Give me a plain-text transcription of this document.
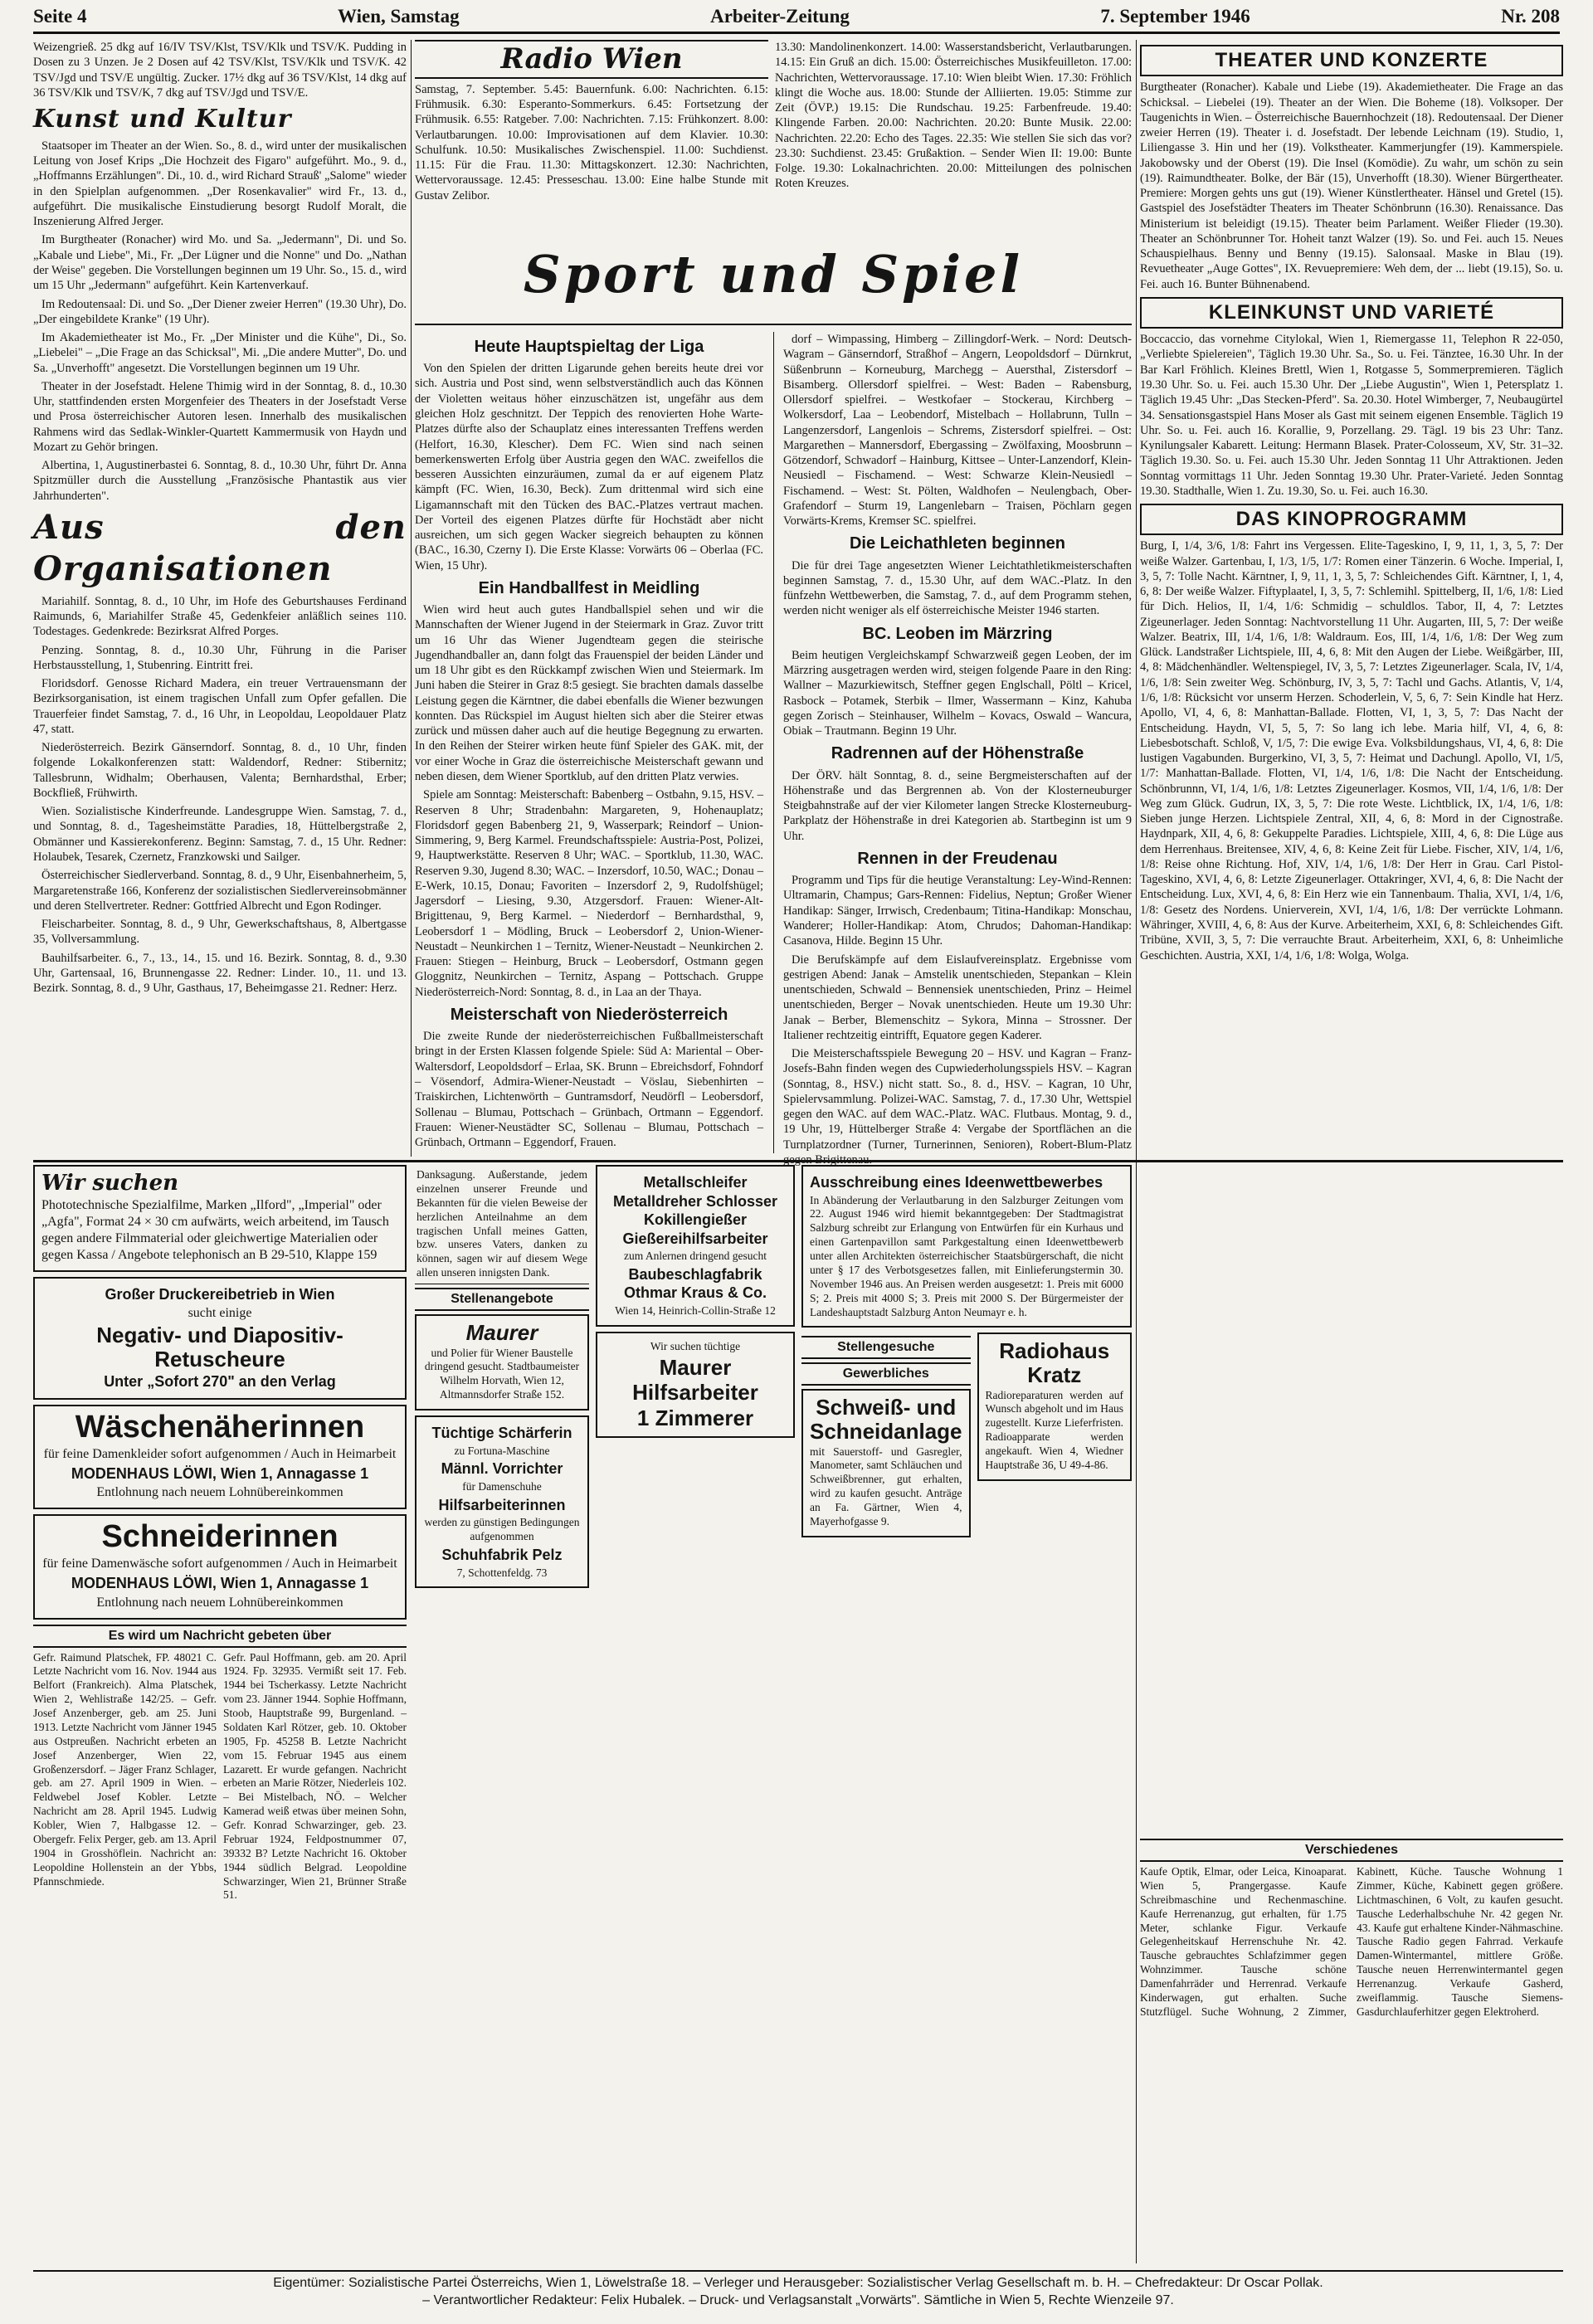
Seite 4	Wien, Samstag	Arbeiter-Zeitung	7. September 1946	Nr. 208

Weizengrieß. 25 dkg auf 16/IV TSV/Klst, TSV/Klk und TSV/K. Pudding in Dosen zu 3 Unzen. Je 2 Dosen auf 42 TSV/Klst, TSV/Klk und TSV/K. 42 TSV/Jgd und TSV/E ungültig. Zucker. 17½ dkg auf 36 TSV/Klst, 14 dkg auf 36 TSV/Klk und TSV/K, 7 dkg auf TSV/Jgd und TSV/E.

Kunst und Kultur

Staatsoper im Theater an der Wien. So., 8. d., wird unter der musikalischen Leitung von Josef Krips „Die Hochzeit des Figaro" aufgeführt. Mo., 9. d., „Hoffmanns Erzählungen". Di., 10. d., wird Richard Strauß' „Salome" wieder in den Spielplan aufgenommen. „Der Rosenkavalier" wird Fr., 13. d., aufgeführt. Die musikalische Einstudierung besorgt Rudolf Moralt, die Inszenierung Alfred Jerger.

Im Burgtheater (Ronacher) wird Mo. und Sa. „Jedermann", Di. und So. „Kabale und Liebe", Mi., Fr. „Der Lügner und die Nonne" und Do. „Nathan der Weise" gegeben. Die Vorstellungen beginnen um 19 Uhr. So., 15. d., wird um 15 Uhr „Jedermann" aufgeführt. Kein Kartenverkauf.

Im Redoutensaal: Di. und So. „Der Diener zweier Herren" (19.30 Uhr), Do. „Der eingebildete Kranke" (19 Uhr).

Im Akademietheater ist Mo., Fr. „Der Minister und die Kühe", Di., So. „Liebelei" – „Die Frage an das Schicksal", Mi. „Die andere Mutter", Do. und Sa. „Unverhofft" angesetzt. Die Vorstellungen beginnen um 19 Uhr.

Theater in der Josefstadt. Helene Thimig wird in der Sonntag, 8. d., 10.30 Uhr, stattfindenden ersten Morgenfeier des Theaters in der Josefstadt Verse und Prosa österreichischer Autoren lesen. Innerhalb des musikalischen Rahmens wird das Sedlak-Winkler-Quartett Kammermusik von Haydn und Mozart zu Gehör bringen.

Albertina, 1, Augustinerbastei 6. Sonntag, 8. d., 10.30 Uhr, führt Dr. Anna Spitzmüller durch die Ausstellung „Französische Phantastik aus vier Jahrhunderten".

Aus den Organisationen

Mariahilf. Sonntag, 8. d., 10 Uhr, im Hofe des Geburtshauses Ferdinand Raimunds, 6, Mariahilfer Straße 45, Gedenkfeier anläßlich seines 110. Todestages. Gedenkrede: Bezirksrat Alfred Porges.

Penzing. Sonntag, 8. d., 10.30 Uhr, Führung in die Pariser Herbstausstellung, 1, Stubenring. Eintritt frei.

Floridsdorf. Genosse Richard Madera, ein treuer Vertrauensmann der Bezirksorganisation, ist einem tragischen Unfall zum Opfer gefallen. Die Trauerfeier findet Samstag, 7. d., 16 Uhr, in Leopoldau, Leopoldauer Platz 47, statt.

Niederösterreich. Bezirk Gänserndorf. Sonntag, 8. d., 10 Uhr, finden folgende Lokalkonferenzen statt: Waldendorf, Redner: Stibernitz; Tallesbrunn, Widhalm; Oberhausen, Valenta; Bernhardsthal, Erber; Bockfließ, Frühwirth.

Wien. Sozialistische Kinderfreunde. Landesgruppe Wien. Samstag, 7. d., und Sonntag, 8. d., Tagesheimstätte Paradies, 18, Hüttelbergstraße 2, Obmänner und Kassierekonferenz. Beginn: Samstag, 7. d., 15 Uhr. Redner: Holaubek, Tesarek, Czernetz, Franzkowski und Sailger.

Österreichischer Siedlerverband. Sonntag, 8. d., 9 Uhr, Eisenbahnerheim, 5, Margaretenstraße 166, Konferenz der sozialistischen Siedlervereinsobmänner und deren Stellvertreter. Redner: Gottfried Albrecht und Egon Rodinger.

Fleischarbeiter. Sonntag, 8. d., 9 Uhr, Gewerkschaftshaus, 8, Albertgasse 35, Vollversammlung.

Bauhilfsarbeiter. 6., 7., 13., 14., 15. und 16. Bezirk. Sonntag, 8. d., 9.30 Uhr, Gartensaal, 16, Brunnengasse 22. Redner: Linder. 10., 11. und 13. Bezirk. Sonntag, 8. d., 9 Uhr, Gasthaus, 17, Beheimgasse 21. Redner: Herz.

Radio Wien

Samstag, 7. September. 5.45: Bauernfunk. 6.00: Nachrichten. 6.15: Frühmusik. 6.30: Esperanto-Sommerkurs. 6.45: Fortsetzung der Frühmusik. 6.55: Ratgeber. 7.00: Nachrichten. 7.15: Frühkonzert. 8.00: Verlautbarungen. 10.00: Improvisationen auf dem Klavier. 10.30: Schulfunk. 10.50: Musikalisches Zwischenspiel. 11.00: Suchdienst. 11.15: Für die Frau. 11.30: Mittagskonzert. 12.30: Nachrichten, Wettervoraussage. 12.45: Presseschau. 13.00: Eine halbe Stunde mit Gustav Zelibor.

13.30: Mandolinenkonzert. 14.00: Wasserstandsbericht, Verlautbarungen. 14.15: Ein Gruß an dich. 15.00: Österreichisches Musikfeuilleton. 17.00: Nachrichten, Wettervoraussage. 17.10: Wien bleibt Wien. 17.30: Fröhlich klingt die Woche aus. 18.00: Stunde der Alliierten. 19.05: Stimme zur Zeit (ÖVP.) 19.15: Die Rundschau. 19.25: Farbenfreude. 19.40: Klingende Farben. 20.00: Nachrichten. 20.20: Bunte Musik. 22.00: Nachrichten. 22.20: Echo des Tages. 22.35: Wie stellen Sie sich das vor? 23.30: Suchdienst. 23.45: Grußaktion. – Sender Wien II: 19.00: Bunte Folge. 19.30: Lokalnachrichten. 20.00: Mitteilungen des polnischen Roten Kreuzes.

Sport und Spiel
Heute Hauptspieltag der Liga

Von den Spielen der dritten Ligarunde gehen bereits heute drei vor sich. Austria und Post sind, wenn selbstverständlich auch das Können der Violetten weitaus höher einzuschätzen ist, ungefähr aus dem gleichen Holz geschnitzt. Der Teppich des renovierten Hohe Warte-Platzes dürfte also der Schauplatz eines interessanten Treffens werden (Helfort, 16.30, Klescher). Dem FC. Wien sind nach seinen bemerkenswerten Erfolg über Austria gegen den WAC. zweifellos die besseren Aussichten einzuräumen, zumal da er auf eigenem Platz kämpft (FC. Wien, 16.30, Beck). Zum drittenmal wird sich eine Ligamannschaft mit den Tücken des BAC.-Platzes vertraut machen. Der Vorteil des eigenen Platzes dürfte für Hochstädt aber nicht ausreichen, um sich gegen Wacker siegreich behaupten zu können (BAC., 16.30, Czerny I). Die Erste Klasse: Vorwärts 06 – Oberlaa (FC. Wien, 15 Uhr).

Ein Handballfest in Meidling

Wien wird heut auch gutes Handballspiel sehen und wir die Mannschaften der Wiener Jugend in der Steiermark in Graz. Zuvor tritt um 16 Uhr das Wiener Jugendteam gegen die steirische Jugendhandballer an, dann folgt das Frauenspiel der beiden Länder und um 18 Uhr gibt es den Rückkampf zwischen Wien und Steiermark. Im Juni haben die Steirer in Graz 8:5 gesiegt. Sie brachten damals dasselbe Leistung gegen die Kärntner, die dabei ebenfalls die Wiener bezwungen konnten. Das Rückspiel im August hielten sich aber die Steirer etwas zurück und müssen daher auch auf die heutige Begegnung zu erwarten. In den Reihen der Steirer wirken heute fünf Spieler des GAK. mit, der vor einer Woche in Graz die österreichische Meisterschaft gewann und neben diesen, dem Wiener Sportklub, auf den dritten Platz verwies.

Spiele am Sonntag: Meisterschaft: Babenberg – Ostbahn, 9.15, HSV. – Reserven 8 Uhr; Stradenbahn: Margareten, 9, Hohenauplatz; Floridsdorf gegen Babenberg 21, 9, Wasserpark; Reindorf – Union-Simmering, 9, Berg Karmel. Freundschaftsspiele: Austria-Post, Polizei, 9, Hauptwerkstätte. Reserven 8 Uhr; WAC. – Sportklub, 11.30, WAC. Reserven 9.30, Jugend 8.30; WAC. – Inzersdorf, 10.50, WAC.; Donau – E-Werk, 10.15, Donau; Favoriten – Inzersdorf 2, 9, Rudolfshügel; Jagersdorf – Liesing, 9.30, Atzgersdorf. Frauen: Wiener-Alt-Brigittenau, 9, Berg Karmel. – Niederdorf – Bernhardsthal, 9, Leobersdorf 1 – Mödling, Bruck – Leobersdorf 2, Union-Wiener-Neustadt – Neunkirchen 1 – Ternitz, Wiener-Neustadt – Neunkirchen 2. Frauen: Stiegen – Heinburg, Bruck – Leobersdorf, Ostmann gegen Gloggnitz, Neunkirchen – Ternitz, Aspang – Pottschach. Gruppe Niederösterreich-Nord: Sonntag, 8. d., in Laa an der Thaya.

Meisterschaft von Niederösterreich

Die zweite Runde der niederösterreichischen Fußballmeisterschaft bringt in der Ersten Klassen folgende Spiele: Süd A: Mariental – Ober-Waltersdorf, Leopoldsdorf – Erlaa, SK. Brunn – Ebreichsdorf, Fohndorf – Vösendorf, Admira-Wiener-Neustadt – Vöslau, Siebenhirten – Traiskirchen, Lichtenwörth – Guntramsdorf, Neudörfl – Leobersdorf, Sollenau – Blumau, Pottschach – Grünbach, Ortmann – Eggendorf. Frauen: Wiener-Neustädter SC, Sollenau – Blumau, Pottschach – Grünbach, Ortmann – Eggendorf, Frauen.

dorf – Wimpassing, Himberg – Zillingdorf-Werk. – Nord: Deutsch-Wagram – Gänserndorf, Straßhof – Angern, Leopoldsdorf – Dürnkrut, Süßenbrunn – Korneuburg, Marchegg – Auersthal, Zistersdorf – Bisamberg. Ollersdorf spielfrei. – West: Baden – Rabensburg, Ollersdorf spielfrei. – Westkofaer – Stockerau, Kirchberg – Wolkersdorf, Laa – Leobendorf, Mistelbach – Hollabrunn, Tulln – Langenzersdorf, Langenlois – Schrems, Zistersdorf spielfrei. – Ost: Margarethen – Mannersdorf, Ebergassing – Zwölfaxing, Moosbrunn – Götzendorf, Schwadorf – Hainburg, Kittsee – Unter-Lanzendorf, Klein-Neusiedl – Fischamend. – West: Schwarze Klein-Neusiedl – Fischamend. – West: St. Pölten, Waldhofen – Neulengbach, Ober-Grafendorf – Sturm 19, Langenlebarn – Traisen, Pöchlarn gegen Vorwärts-Krems, Kremser SC. spielfrei.

Die Leichathleten beginnen

Die für drei Tage angesetzten Wiener Leichtathletikmeisterschaften beginnen Samstag, 7. d., 15.30 Uhr, auf dem WAC.-Platz. In den fünfzehn Wettbewerben, die Samstag, 7. d., auf dem Programm stehen, werden nicht weniger als elf österreichische Meister 1946 starten.

BC. Leoben im Märzring

Beim heutigen Vergleichskampf Schwarzweiß gegen Leoben, der im Märzring ausgetragen werden wird, steigen folgende Paare in den Ring: Wallner – Mazurkiewitsch, Steffner gegen Englschall, Pöltl – Kricel, Rasbock – Potamek, Sterbik – Ilmer, Wassermann – Kinz, Kahuba gegen Zorisch – Steinhauser, Wilhelm – Kovacs, Oswald – Wancura, Obiak – Trautmann. Beginn 19 Uhr.

Radrennen auf der Höhenstraße

Der ÖRV. hält Sonntag, 8. d., seine Bergmeisterschaften auf der Höhenstraße und das Bergrennen ab. Von der Klosterneuburger Steigbahnstraße auf der vier Kilometer langen Strecke Klosterneuburg-Parkplatz der Höhenstraße in drei Kategorien ab. Startbeginn ist um 9 Uhr.

Rennen in der Freudenau

Programm und Tips für die heutige Veranstaltung: Ley-Wind-Rennen: Ultramarin, Champus; Gars-Rennen: Fidelius, Neptun; Großer Wiener Handikap: Sänger, Irrwisch, Credenbaum; Titina-Handikap: Monschau, Wanderer; Holler-Handikap: Atom, Chrudos; Dahoman-Handikap: Casanova, Hilde. Beginn 15 Uhr.

Die Berufskämpfe auf dem Eislaufvereinsplatz. Ergebnisse vom gestrigen Abend: Janak – Amstelik unentschieden, Stepankan – Klein unentschieden, Schwald – Bennensiek unentschieden, Prinz – Heimel unentschieden, Berger – Novak unentschieden. Heute um 19.30 Uhr: Janak – Berber, Blemenschitz – Sykora, Minna – Strossner. Der Italiener rechtzeitig eintrifft, Equatore gegen Kaderer.

Die Meisterschaftsspiele Bewegung 20 – HSV. und Kagran – Franz-Josefs-Bahn finden wegen des Cupwiederholungsspiels HSV. – Kagran (Sonntag, 8., HSV.) nicht statt. So., 8. d., HSV. – Kagran, 10 Uhr, Spielervsammlung. Polizei-WAC. Samstag, 7. d., 17.30 Uhr, Wettspiel gegen den WAC. auf dem WAC.-Platz. WAC. Flutbaus. Montag, 9. d., 19 Uhr, 19, Hüttelberger Straße 4: Vergabe der Sportflächen an die Turnplatzordner (Turner, Turnerinnen, Senioren), Robert-Blum-Platz gegen Brigittenau.

THEATER UND KONZERTE

Burgtheater (Ronacher). Kabale und Liebe (19). Akademietheater. Die Frage an das Schicksal. – Liebelei (19). Theater an der Wien. Die Boheme (18). Volksoper. Der Taugenichts in Wien. – Österreichische Bauernhochzeit (18). Redoutensaal. Der Diener zweier Herren (19). Theater i. d. Josefstadt. Der lebende Leichnam (19). Studio, 1, Liliengasse 3. Hin und her (19). Volkstheater. Kammerjungfer (19). Kammerspiele. Jakobowsky und der Oberst (19). Die Insel (Komödie). Zu wahr, um schön zu sein (19). Raimundtheater. Bolke, der Bär (15), Unverhofft (18.30). Wiener Bürgertheater. Premiere: Morgen gehts uns gut (19). Wiener Künstlertheater. Hänsel und Gretel (15). Gastspiel des Josefstädter Theaters im Theater Schönbrunn (16.30). Renaissance. Das Ministerium ist beleidigt (19.15). Theater beim Parlament. Weißer Flieder (19.30). Theater an Schönbrunner Tor. Hoheit tanzt Walzer (19). So. und Fei. auch 15. Neues Schauspielhaus. Benny und Benny (19.15). Salonsaal. Maske in Blau (19). Revuetheater „Auge Gottes", IX. Revuepremiere: Weh dem, der ... liebt (19.15), So. u. Fei. auch 16. Bunter Bühnenabend.

KLEINKUNST UND VARIETÉ

Boccaccio, das vornehme Citylokal, Wien 1, Riemergasse 11, Telephon R 22-050, „Verliebte Spielereien", Täglich 19.30 Uhr. Sa., So. u. Fei. Tänztee, 16.30 Uhr. In der Bar Karl Fröhlich. Kleines Brettl, Wien 1, Rotgasse 5, Sommerpremieren. Täglich 19.30 Uhr. So. u. Fei. auch 15.30 Uhr. Der „Liebe Augustin", Wien 1, Petersplatz 1. Täglich 19.45 Uhr: „Das Stecken-Pferd". Sa. 20.30. Hotel Wimberger, 7, Neubaugürtel 34. Sensationsgastspiel Hans Moser als Gast mit seinem eigenen Ensemble. Täglich 19 Uhr. So. u. Fei. auch 16. Korallie, 9, Porzellang. 29. Tägl. 19 bis 23 Uhr: Tanz. Kynilungsaler Kabarett. Leitung: Hermann Blasek. Prater-Colosseum, XV, Str. 31–32. Täglich 19.30. So. u. Fei. auch 15.30 Uhr. Jeden Sonntag 11 Uhr Attraktionen. Jeden Sonntag vormittags 11 Uhr. Jeden Sonntag 19.30 Uhr. Prater-Varieté. Jeden Sonntag 19.30. Stadthalle, Wien 1. Zu. 19.30, So. u. Fei. auch 16.30.

DAS KINOPROGRAMM

Burg, I, 1/4, 3/6, 1/8: Fahrt ins Vergessen. Elite-Tageskino, I, 9, 11, 1, 3, 5, 7: Der weiße Walzer. Gartenbau, I, 1/3, 1/5, 1/7: Romen einer Tänzerin. 6 Woche. Imperial, I, 3, 5, 7: Tolle Nacht. Kärntner, I, 9, 11, 1, 3, 5, 7: Schleichendes Gift. Kärntner, I, 1, 4, 6, 8: Der weiße Walzer. Fiftyplaatel, I, 3, 5, 7: Schlemihl. Spittelberg, II, 1/6, 1/8: Lied für Dich. Helios, II, 1/4, 1/6: Schmidig – schuldlos. Tabor, II, 4, 7: Letztes Zigeunerlager. Jeden Sonntag: Nachtvorstellung 11 Uhr. Augarten, III, 5, 7: Der weiße Walzer. Beatrix, III, 1/4, 1/6, 1/8: Waldraum. Eos, III, 1/4, 1/6, 1/8: Der Weg zum Glück. Landstraßer Lichtspiele, III, 4, 6, 8: Mit den Augen der Liebe. Weißgärber, III, 4, 8: Mädchenhändler. Weltenspiegel, IV, 3, 5, 7: Letztes Zigeunerlager. Scala, IV, 1/4, 1/6, 1/8: Sein zweiter Weg. Schönburg, IV, 3, 5, 7: Tachl und Gachs. Atlantis, V, 1/4, 1/6, 1/8: Rücksicht vor unserm Herzen. Schoderlein, V, 5, 6, 7: Sein Kindle hat Herz. Apollo, VI, 4, 6, 8: Manhattan-Ballade. Flotten, VI, 1, 3, 5, 7: Das Nacht der Entscheidung. Haydn, VI, 5, 5, 7: So lang ich lebe. Maria hilf, VI, 4, 6, 8: Liebesbotschaft. Schloß, V, 1/5, 7: Die ewige Eva. Volksbildungshaus, VI, 4, 6, 8: Die lustigen Vagabunden. Burgerkino, VI, 3, 5, 7: Heimat und Dachungl. Apollo, VI, 1/5, 1/7: Manhattan-Ballade. Flotten, VI, 1/4, 1/6, 1/8: Die Nacht der Entscheidung. Schönbrunnn, VI, 1/4, 1/6, 1/8: Letztes Zigeunerlager. Kosmos, VII, 1/4, 1/6, 1/8: Der Weg zum Glück. Gudrun, IX, 3, 5, 7: Die rote Weste. Lichtblick, IX, 1/4, 1/6, 1/8: Sieben junge Herzen. Lichtspiele Zentral, XII, 4, 6, 8: Mord in der Cignostraße. Haydnpark, XII, 4, 6, 8: Gekuppelte Paradies. Lichtspiele, XIII, 4, 6, 8: Die Lüge aus dem Herrenhaus. Breitensee, XIV, 4, 6, 8: Keine Zeit für Liebe. Fischer, XIV, 1/4, 1/6, 1/8: Reise ohne Richtung. Hof, XIV, 1/4, 1/6, 1/8: Der Herr in Grau. Carl Pistol-Tageskino, XVI, 4, 6, 8: Letzte Zigeunerlager. Ottakringer, XVI, 4, 6, 8: Die Nacht der Entscheidung. Lux, XVI, 4, 6, 8: Ein Herz wie ein Tannenbaum. Thalia, XVI, 1/4, 1/6, 1/8: Gesetz des Nordens. Unierverein, XVI, 1/4, 1/6, 1/8: Der verrückte Lohmann. Währinger, XVIII, 4, 6, 8: Aus der Kurve. Arbeiterheim, XXI, 6, 8: Schleichendes Gift. Tribüne, XVII, 3, 5, 7: Die verrauchte Braut. Arbeiterheim, XXI, 6, 8: Unheimliche Geschichten. Austria, XXI, 1/4, 1/6, 1/8: Wolga, Wolga.

Wir suchen

Phototechnische Spezialfilme, Marken „Ilford", „Imperial" oder „Agfa", Format 24 × 30 cm aufwärts, weich arbeitend, im Tausch gegen andere Filmmaterial oder gleichwertige Materialien oder gegen Kassa / Angebote telephonisch an B 29-510, Klappe 159

Großer Druckereibetrieb in Wien

sucht einige

Negativ- und Diapositiv-Retuscheure

Unter „Sofort 270" an den Verlag

Wäschenäherinnen

für feine Damenkleider sofort aufgenommen / Auch in Heimarbeit

MODENHAUS LÖWI, Wien 1, Annagasse 1

Entlohnung nach neuem Lohnübereinkommen

Schneiderinnen

für feine Damenwäsche sofort aufgenommen / Auch in Heimarbeit

MODENHAUS LÖWI, Wien 1, Annagasse 1

Entlohnung nach neuem Lohnübereinkommen

Es wird um Nachricht gebeten über

Gefr. Raimund Platschek, FP. 48021 C. Letzte Nachricht vom 16. Nov. 1944 aus Belfort (Frankreich). Alma Platschek, Wien 2, Wehlistraße 142/25. – Gefr. Josef Anzenberger, geb. am 25. Juni 1913. Letzte Nachricht vom Jänner 1945 aus Ostpreußen. Nachricht erbeten an Josef Anzenberger, Wien 22, Großenzersdorf. – Jäger Franz Schlager, geb. am 27. April 1909 in Wien. – Feldwebel Josef Kobler. Letzte Nachricht am 28. April 1945. Ludwig Kobler, Wien 7, Halbgasse 12. – Obergefr. Felix Perger, geb. am 13. April 1904 in Grosshöflein. Nachricht an: Leopoldine Hollenstein an der Ybbs, Pfannschmiede.

Gefr. Paul Hoffmann, geb. am 20. April 1924. Fp. 32935. Vermißt seit 17. Feb. 1944 bei Tscherkassy. Letzte Nachricht vom 23. Jänner 1944. Sophie Hoffmann, Stoob, Hauptstraße 99, Burgenland. – Soldaten Karl Rötzer, geb. 10. Oktober 1905, Fp. 45258 B. Letzte Nachricht vom 15. Februar 1945 aus einem Lazarett. Er wurde gefangen. Nachricht erbeten an Marie Rötzer, Niederleis 102. – Bei Mistelbach, NÖ. – Welcher Kamerad weiß etwas über meinen Sohn, Gefr. Konrad Schwarzinger, geb. 23. Februar 1924, Feldpostnummer 07, 39332 B? Letzte Nachricht 16. Oktober 1944 südlich Belgrad. Leopoldine Schwarzinger, Wien 21, Brünner Straße 51.

Danksagung. Außerstande, jedem einzelnen unserer Freunde und Bekannten für die vielen Beweise der herzlichen Anteilnahme an dem tragischen Unfall meines Gatten, bzw. unseres Vaters, danken zu können, sagen wir auf diesem Wege allen unseren innigsten Dank.
Stellenangebote
Maurer

und Polier für Wiener Baustelle dringend gesucht. Stadtbaumeister Wilhelm Horvath, Wien 12, Altmannsdorfer Straße 152.

Tüchtige Schärferin

zu Fortuna-Maschine

Männl. Vorrichter

für Damenschuhe

Hilfsarbeiterinnen

werden zu günstigen Bedingungen aufgenommen

Schuhfabrik Pelz

7, Schottenfeldg. 73

Metallschleifer Metalldreher Schlosser Kokillengießer Gießereihilfsarbeiter

zum Anlernen dringend gesucht

Baubeschlagfabrik Othmar Kraus & Co.

Wien 14, Heinrich-Collin-Straße 12

Wir suchen tüchtige

Maurer

Hilfsarbeiter

1 Zimmerer

Ausschreibung eines Ideenwettbewerbes

In Abänderung der Verlautbarung in den Salzburger Zeitungen vom 22. August 1946 wird hiemit bekanntgegeben: Der Stadtmagistrat Salzburg schreibt zur Erlangung von Entwürfen für ein Kurhaus und einen Gartenpavillon samt Parkgestaltung einen Ideenwettbewerb unter allen Architekten österreichischer Staatsbürgerschaft, die nicht unter § 17 des Verbotsgesetzes fallen, mit Einlieferungstermin 30. November 1946 aus. An Preisen werden ausgesetzt: 1. Preis mit 6000 S; 2. Preis mit 4000 S; 3. Preis mit 2000 S. Der Bürgermeister der Landeshauptstadt Salzburg Anton Neumayr e. h.

Stellengesuche
Gewerbliches
Schweiß- und Schneidanlage

mit Sauerstoff- und Gasregler, Manometer, samt Schläuchen und Schweißbrenner, gut erhalten, wird zu kaufen gesucht. Anträge an Fa. Gärtner, Wien 4, Mayerhofgasse 9.

Radiohaus Kratz

Radioreparaturen werden auf Wunsch abgeholt und im Haus zugestellt. Kurze Lieferfristen. Radioapparate werden angekauft. Wien 4, Wiedner Hauptstraße 36, U 49-4-86.

Verschiedenes

Kaufe Optik, Elmar, oder Leica, Kinoaparat. Wien 5, Prangergasse. Kaufe Schreibmaschine und Rechenmaschine. Kaufe Herrenanzug, gut erhalten, für 1.75 Meter, schlanke Figur. Verkaufe Gelegenheitskauf Herrenschuhe Nr. 42. Tausche gebrauchtes Schlafzimmer gegen Wohnzimmer. Tausche schöne Damenfahrräder und Herrenrad. Verkaufe Kinderwagen, gut erhalten. Suche Stutzflügel. Suche Wohnung, 2 Zimmer, Kabinett, Küche. Tausche Wohnung 1 Zimmer, Küche, Kabinett gegen größere. Lichtmaschinen, 6 Volt, zu kaufen gesucht. Tausche Lederhalbschuhe Nr. 42 gegen Nr. 43. Kaufe gut erhaltene Kinder-Nähmaschine. Tausche Radio gegen Fahrrad. Verkaufe Damen-Wintermantel, mittlere Größe. Tausche neuen Herrenwintermantel gegen Herrenanzug. Verkaufe Gasherd, zweiflammig. Tausche Siemens-Gasdurchlauferhitzer gegen Elektroherd.

Eigentümer: Sozialistische Partei Österreichs, Wien 1, Löwelstraße 18. – Verleger und Herausgeber: Sozialistischer Verlag Gesellschaft m. b. H. – Chefredakteur: Dr Oscar Pollak.
– Verantwortlicher Redakteur: Felix Hubalek. – Druck- und Verlagsanstalt „Vorwärts". Sämtliche in Wien 5, Rechte Wienzeile 97.
